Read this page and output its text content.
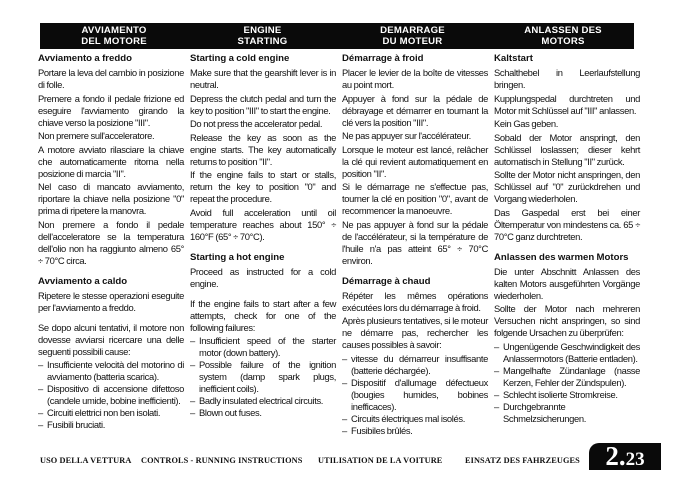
AVVIAMENTO
DEL MOTORE
ENGINE
STARTING
DEMARRAGE
DU MOTEUR
ANLASSEN DES
MOTORS
Avviamento a freddo

Portare la leva del cambio in posizione di folle.

Premere a fondo il pedale frizione ed eseguire l'avviamento girando la chiave verso la posizione "III".

Non premere sull'acceleratore.

A motore avviato rilasciare la chiave che automaticamente ritorna nella posizione di marcia "II".

Nel caso di mancato avviamento, riportare la chiave nella posizione "0" prima di ripetere la manovra.

Non premere a fondo il pedale dell'acceleratore se la temperatura dell'olio non ha raggiunto almeno 65° ÷ 70°C circa.

Avviamento a caldo

Ripetere le stesse operazioni eseguite per l'avviamento a freddo.

Se dopo alcuni tentativi, il motore non dovesse avviarsi ricercare una delle seguenti possibili cause:

– Insufficiente velocità del motorino di avviamento (batteria scarica).
– Dispositivo di accensione difettoso (candele umide, bobine inefficienti).
– Circuiti elettrici non ben isolati.
– Fusibili bruciati.
Starting a cold engine

Make sure that the gearshift lever is in neutral.

Depress the clutch pedal and turn the key to position "III" to start the engine.

Do not press the accelerator pedal.

Release the key as soon as the engine starts. The key automatically returns to position "II".

If the engine fails to start or stalls, return the key to position "0" and repeat the procedure.

Avoid full acceleration until oil temperature reaches about 150° ÷ 160°F (65° ÷ 70°C).

Starting a hot engine

Proceed as instructed for a cold engine.

If the engine fails to start after a few attempts, check for one of the following failures:

– Insufficient speed of the starter motor (down battery).
– Possible failure of the ignition system (damp spark plugs, inefficient coils).
– Badly insulated electrical circuits.
– Blown out fuses.
Démarrage à froid

Placer le levier de la boîte de vitesses au point mort.

Appuyer à fond sur la pédale de débrayage et démarrer en tournant la clé vers la position "III".

Ne pas appuyer sur l'accélérateur.

Lorsque le moteur est lancé, relâcher la clé qui revient automatiquement en position "II".

Si le démarrage ne s'effectue pas, tourner la clé en position "0", avant de recommencer la manoeuvre.

Ne pas appuyer à fond sur la pédale de l'accélérateur, si la température de l'huile n'a pas atteint 65° ÷ 70°C environ.

Démarrage à chaud

Répéter les mêmes opérations exécutées lors du démarrage à froid.

Après plusieurs tentatives, si le moteur ne démarre pas, rechercher les causes possibles à savoir:

– vitesse du démarreur insuffisante (batterie déchargée).
– Dispositif d'allumage défectueux (bougies humides, bobines inefficaces).
– Circuits électriques mal isolés.
– Fusibiles brûlés.
Kaltstart

Schalthebel in Leerlaufstellung bringen.

Kupplungspedal durchtreten und Motor mit Schlüssel auf "III" anlassen.

Kein Gas geben.

Sobald der Motor anspringt, den Schlüssel loslassen; dieser kehrt automatisch in Stellung "II" zurück.

Sollte der Motor nicht anspringen, den Schlüssel auf "0" zurückdrehen und Vorgang wiederholen.

Das Gaspedal erst bei einer Öltemperatur von mindestens ca. 65 ÷ 70°C ganz durchtreten.

Anlassen des warmen Motors

Die unter Abschnitt Anlassen des kalten Motors ausgeführten Vorgänge wiederholen.

Sollte der Motor nach mehreren Versuchen nicht anspringen, so sind folgende Ursachen zu überprüfen:

– Ungenügende Geschwindigkeit des Anlassermotors (Batterie entladen).
– Mangelhafte Zündanlage (nasse Kerzen, Fehler der Zündspulen).
– Schlecht isolierte Stromkreise.
– Durchgebrannte Schmelzsicherungen.
USO DELLA VETTURA CONTROLS - RUNNING INSTRUCTIONS UTILISATION DE LA VOITURE	EINSATZ DES FAHRZEUGES 2.23
